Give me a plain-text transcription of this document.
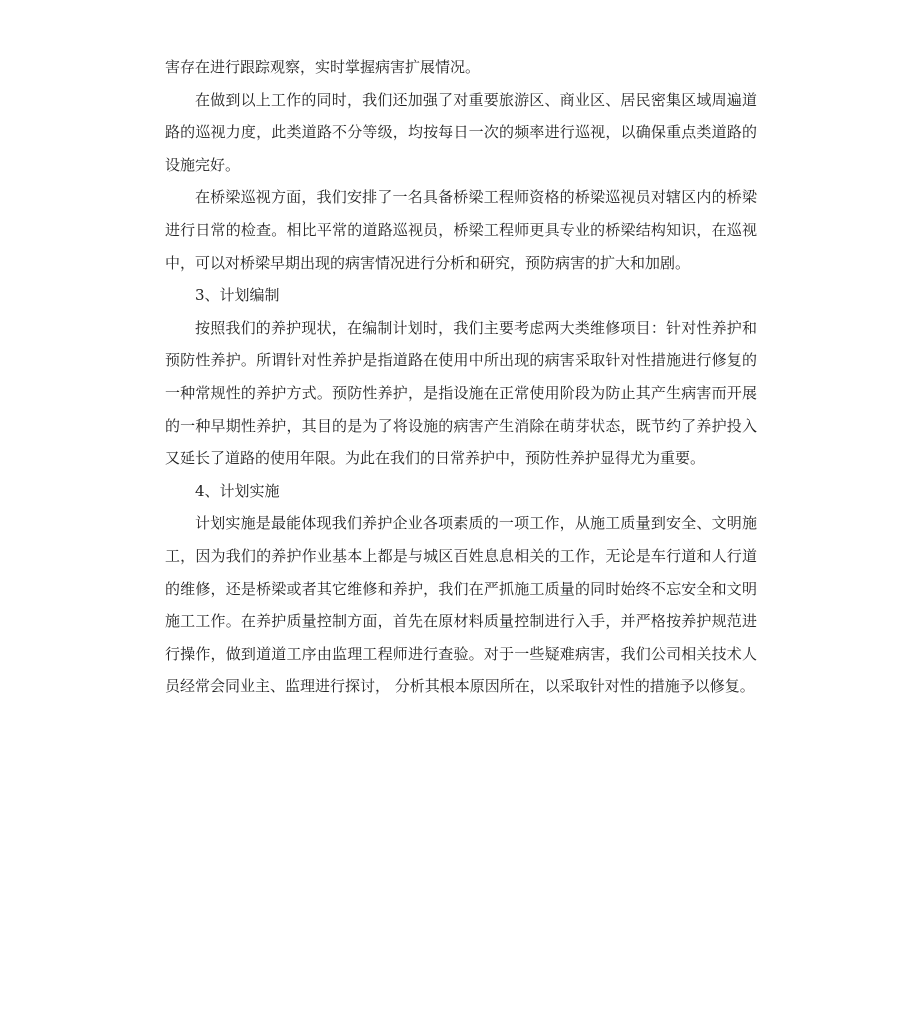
害存在进行跟踪观察，实时掌握病害扩展情况。

在做到以上工作的同时，我们还加强了对重要旅游区、商业区、居民密集区域周遍道路的巡视力度，此类道路不分等级，均按每日一次的频率进行巡视，以确保重点类道路的设施完好。

在桥梁巡视方面，我们安排了一名具备桥梁工程师资格的桥梁巡视员对辖区内的桥梁进行日常的检查。相比平常的道路巡视员，桥梁工程师更具专业的桥梁结构知识，在巡视中，可以对桥梁早期出现的病害情况进行分析和研究，预防病害的扩大和加剧。

3、计划编制

按照我们的养护现状，在编制计划时，我们主要考虑两大类维修项目：针对性养护和预防性养护。所谓针对性养护是指道路在使用中所出现的病害采取针对性措施进行修复的一种常规性的养护方式。预防性养护，是指设施在正常使用阶段为防止其产生病害而开展的一种早期性养护，其目的是为了将设施的病害产生消除在萌芽状态，既节约了养护投入又延长了道路的使用年限。为此在我们的日常养护中，预防性养护显得尤为重要。

4、计划实施

计划实施是最能体现我们养护企业各项素质的一项工作，从施工质量到安全、文明施工，因为我们的养护作业基本上都是与城区百姓息息相关的工作，无论是车行道和人行道的维修，还是桥梁或者其它维修和养护，我们在严抓施工质量的同时始终不忘安全和文明施工工作。在养护质量控制方面，首先在原材料质量控制进行入手，并严格按养护规范进行操作，做到道道工序由监理工程师进行查验。对于一些疑难病害，我们公司相关技术人员经常会同业主、监理进行探讨， 分析其根本原因所在，以采取针对性的措施予以修复。
